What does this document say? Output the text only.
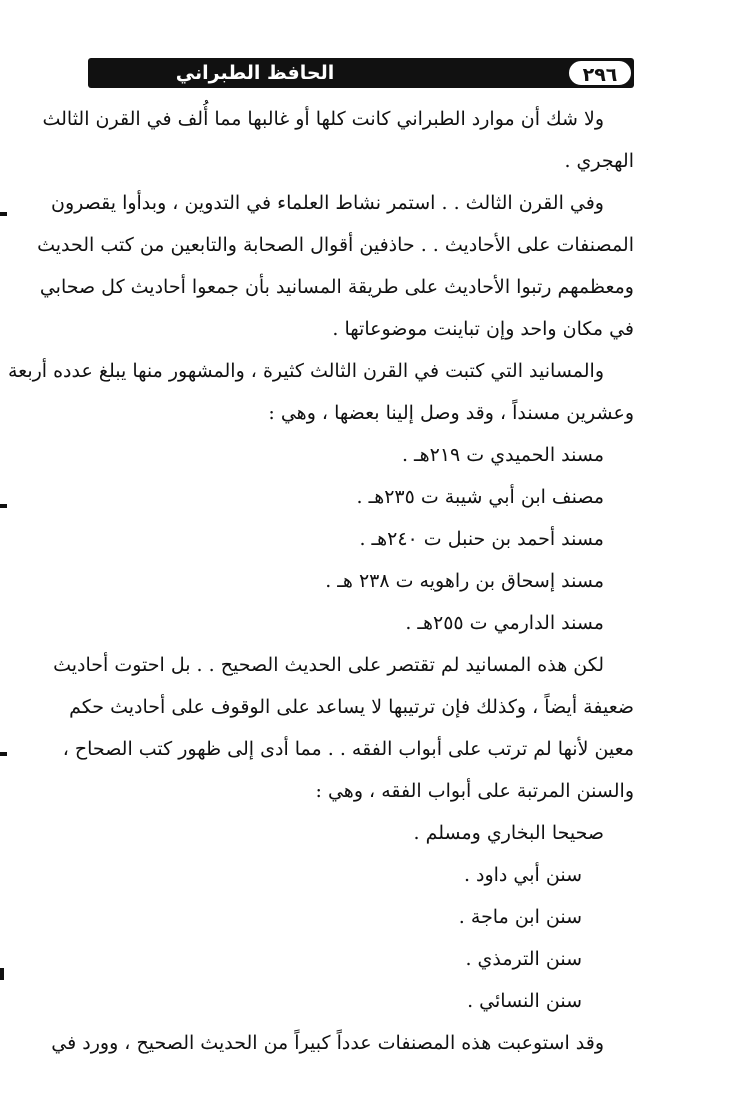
الحافظ الطبراني	٢٩٦
ولا شك أن موارد الطبراني كانت كلها أو غالبها مما أُلف في القرن الثالث
الهجري .
وفي القرن الثالث . . استمر نشاط العلماء في التدوين ، وبدأوا يقصرون
المصنفات على الأحاديث . . حاذفين أقوال الصحابة والتابعين من كتب الحديث
ومعظمهم رتبوا الأحاديث على طريقة المسانيد بأن جمعوا أحاديث كل صحابي
في مكان واحد وإن تباينت موضوعاتها .
والمسانيد التي كتبت في القرن الثالث كثيرة ، والمشهور منها يبلغ عدده أربعة
وعشرين مسنداً ، وقد وصل إلينا بعضها ، وهي :
مسند الحميدي ت ٢١٩هـ .
مصنف ابن أبي شيبة ت ٢٣٥هـ .
مسند أحمد بن حنبل ت ٢٤٠هـ .
مسند إسحاق بن راهويه ت ٢٣٨ هـ .
مسند الدارمي ت ٢٥٥هـ .
لكن هذه المسانيد لم تقتصر على الحديث الصحيح . . بل احتوت أحاديث
ضعيفة أيضاً ، وكذلك فإن ترتيبها لا يساعد على الوقوف على أحاديث حكم
معين لأنها لم ترتب على أبواب الفقه . . مما أدى إلى ظهور كتب الصحاح ،
والسنن المرتبة على أبواب الفقه ، وهي :
صحيحا البخاري ومسلم .
سنن أبي داود .
سنن ابن ماجة .
سنن الترمذي .
سنن النسائي .
وقد استوعبت هذه المصنفات عدداً كبيراً من الحديث الصحيح ، وورد في
